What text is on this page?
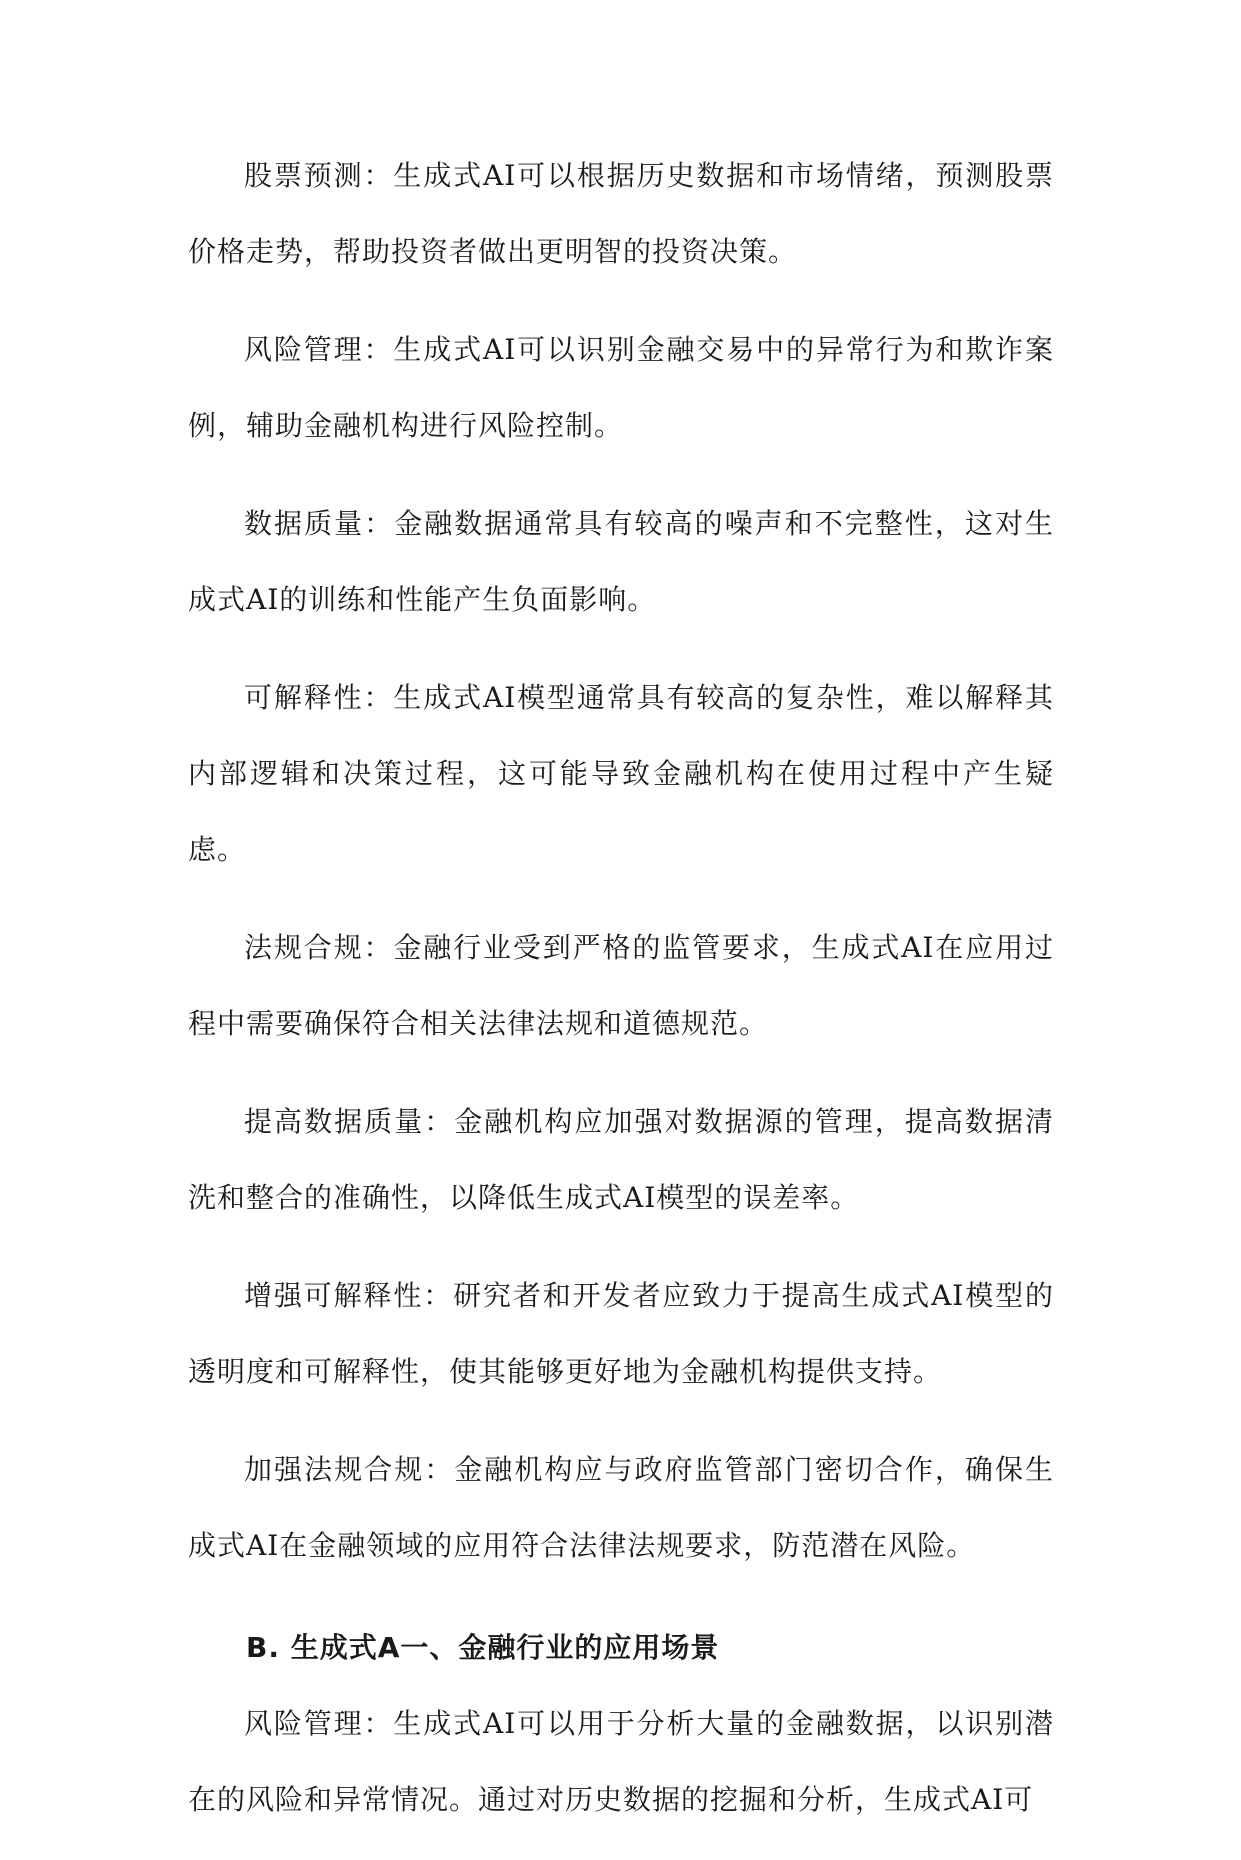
股票预测：生成式AI可以根据历史数据和市场情绪，预测股票价格走势，帮助投资者做出更明智的投资决策。

风险管理：生成式AI可以识别金融交易中的异常行为和欺诈案例，辅助金融机构进行风险控制。

数据质量：金融数据通常具有较高的噪声和不完整性，这对生成式AI的训练和性能产生负面影响。

可解释性：生成式AI模型通常具有较高的复杂性，难以解释其内部逻辑和决策过程，这可能导致金融机构在使用过程中产生疑虑。

法规合规：金融行业受到严格的监管要求，生成式AI在应用过程中需要确保符合相关法律法规和道德规范。

提高数据质量：金融机构应加强对数据源的管理，提高数据清洗和整合的准确性，以降低生成式AI模型的误差率。

增强可解释性：研究者和开发者应致力于提高生成式AI模型的透明度和可解释性，使其能够更好地为金融机构提供支持。

加强法规合规：金融机构应与政府监管部门密切合作，确保生成式AI在金融领域的应用符合法律法规要求，防范潜在风险。

B. 生成式A一、金融行业的应用场景

风险管理：生成式AI可以用于分析大量的金融数据，以识别潜在的风险和异常情况。通过对历史数据的挖掘和分析，生成式AI可
